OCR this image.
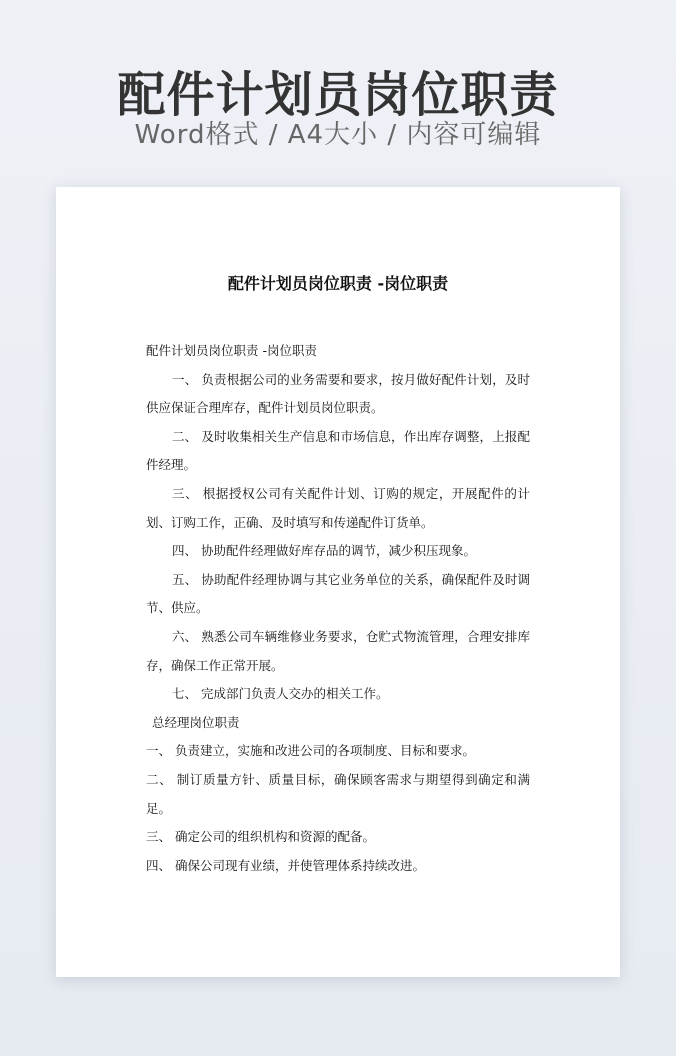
配件计划员岗位职责
Word格式 / A4大小 / 内容可编辑
配件计划员岗位职责 -岗位职责

配件计划员岗位职责 -岗位职责

一、 负责根据公司的业务需要和要求，按月做好配件计划，及时供应保证合理库存，配件计划员岗位职责。

二、 及时收集相关生产信息和市场信息，作出库存调整，上报配件经理。

三、 根据授权公司有关配件计划、订购的规定，开展配件的计划、订购工作，正确、及时填写和传递配件订货单。

四、 协助配件经理做好库存品的调节，减少积压现象。

五、 协助配件经理协调与其它业务单位的关系，确保配件及时调节、供应。

六、 熟悉公司车辆维修业务要求，仓贮式物流管理，合理安排库存，确保工作正常开展。

七、 完成部门负责人交办的相关工作。

总经理岗位职责

一、 负责建立，实施和改进公司的各项制度、目标和要求。

二、 制订质量方针、质量目标，确保顾客需求与期望得到确定和满足。

三、 确定公司的组织机构和资源的配备。

四、 确保公司现有业绩，并使管理体系持续改进。
